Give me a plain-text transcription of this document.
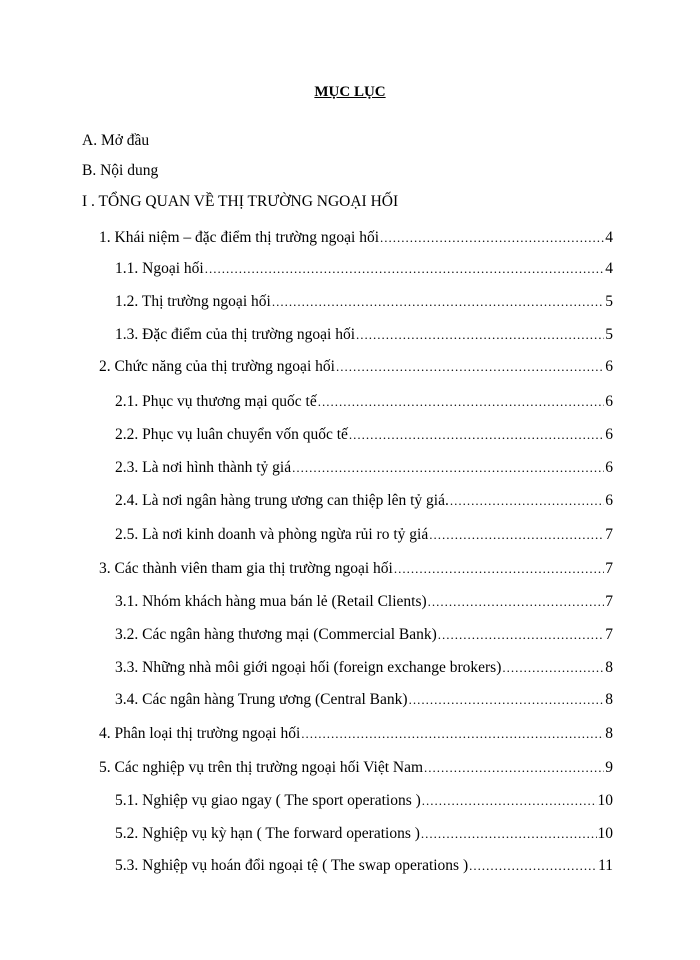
MỤC LỤC
A. Mở đầu
B. Nội dung
I . TỔNG QUAN VỀ THỊ TRƯỜNG NGOẠI HỐI
1. Khái niệm – đặc điểm thị trường ngoại hối .....	4
1.1. Ngoại hối .....	4
1.2. Thị trường ngoại hối .....	5
1.3. Đặc điểm của thị trường ngoại hối .....	5
2. Chức năng của thị trường ngoại hối .....	6
2.1. Phục vụ thương mại quốc tế .....	6
2.2. Phục vụ luân chuyển vốn quốc tế .....	6
2.3. Là nơi hình thành tỷ giá .....	6
2.4. Là nơi ngân hàng trung ương can thiệp lên tỷ giá. .....	6
2.5. Là nơi kinh doanh và phòng ngừa rủi ro tỷ giá .....	7
3. Các thành viên tham gia thị trường ngoại hối .....	7
3.1. Nhóm khách hàng mua bán lẻ (Retail Clients) .....	7
3.2. Các ngân hàng thương mại (Commercial Bank) .....	7
3.3. Những nhà môi giới ngoại hối (foreign exchange brokers) .....	8
3.4. Các ngân hàng Trung ương (Central Bank) .....	8
4. Phân loại thị trường ngoại hối .....	8
5. Các nghiệp vụ trên thị trường ngoại hối Việt Nam .....	9
5.1. Nghiệp vụ giao ngay ( The sport operations ) .....	10
5.2. Nghiệp vụ kỳ hạn ( The forward operations ) .....	10
5.3. Nghiệp vụ hoán đổi ngoại tệ ( The swap operations ) .....	11
